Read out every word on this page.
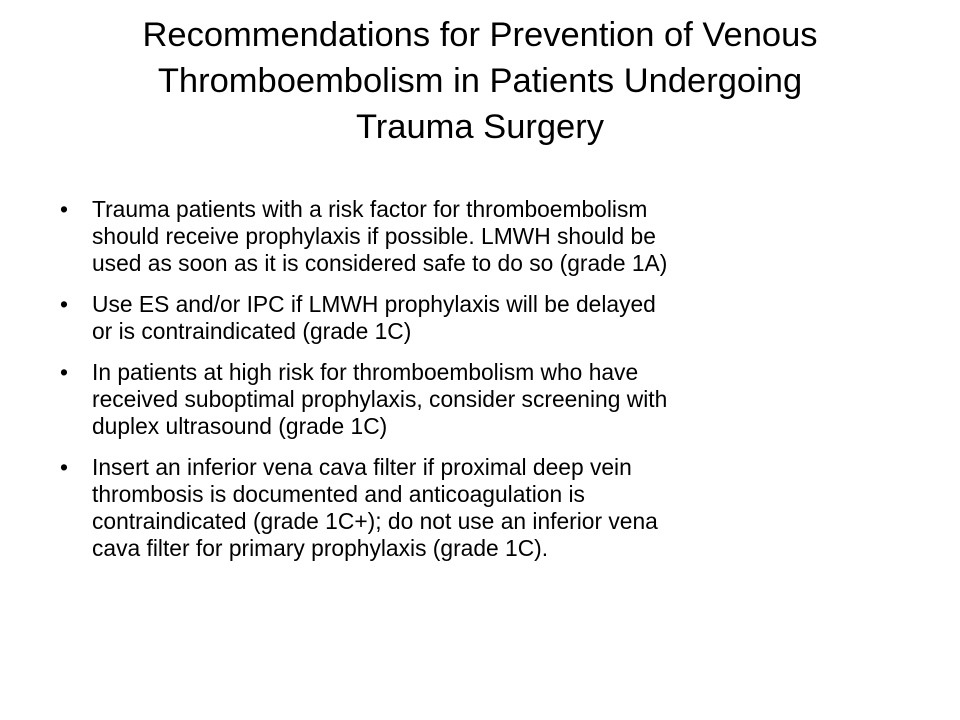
Recommendations for Prevention of Venous
Thromboembolism in Patients Undergoing
Trauma Surgery
•	Trauma patients with a risk factor for thromboembolism
should receive prophylaxis if possible. LMWH should be
used as soon as it is considered safe to do so (grade 1A)
•	Use ES and/or IPC if LMWH prophylaxis will be delayed
or is contraindicated (grade 1C)
•	In patients at high risk for thromboembolism who have
received suboptimal prophylaxis, consider screening with
duplex ultrasound (grade 1C)
•	Insert an inferior vena cava filter if proximal deep vein
thrombosis is documented and anticoagulation is
contraindicated (grade 1C+); do not use an inferior vena
cava filter for primary prophylaxis (grade 1C).
